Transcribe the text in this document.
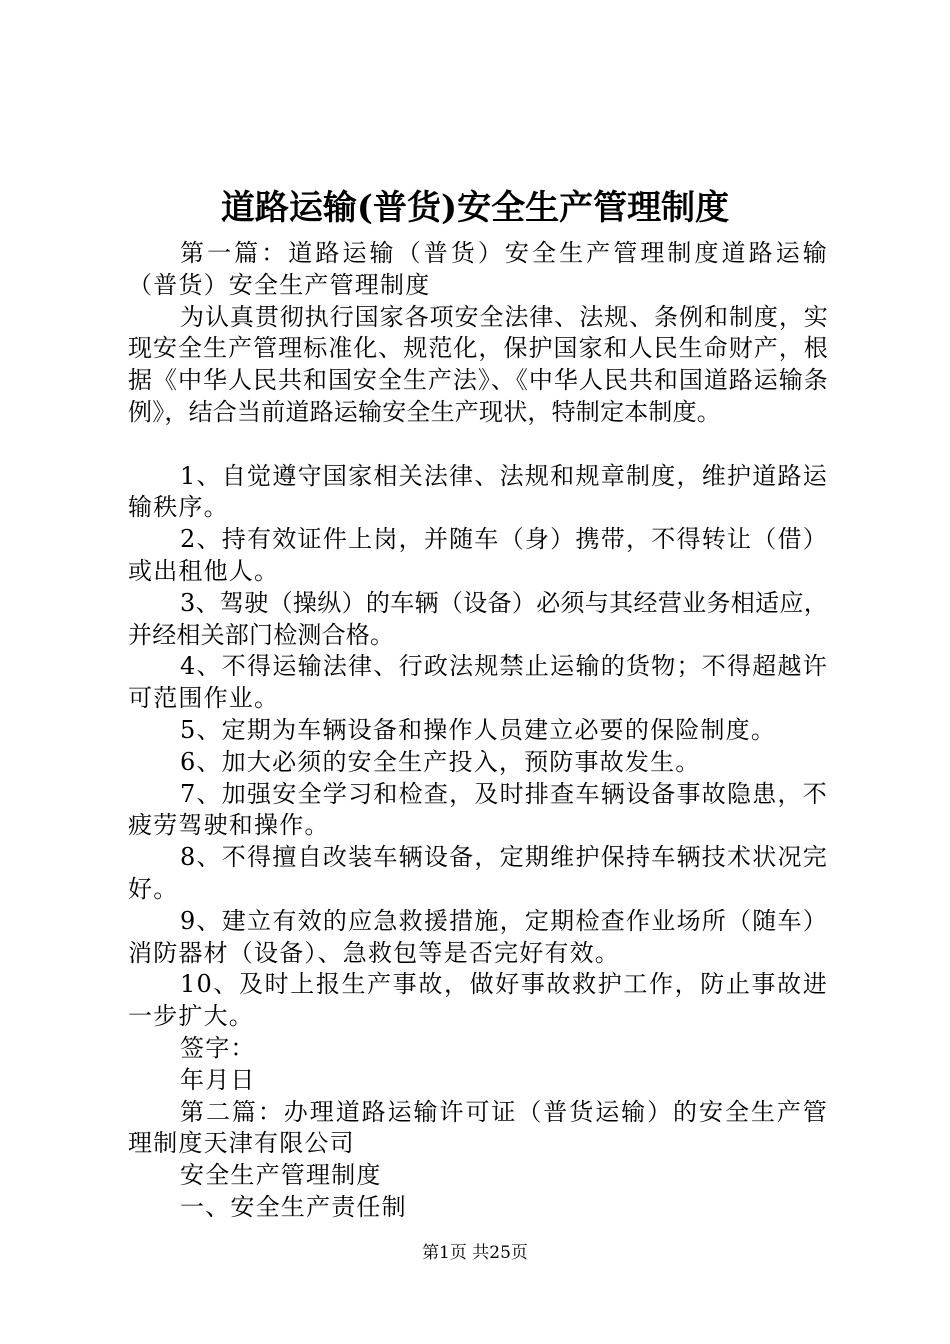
道路运输(普货)安全生产管理制度

第一篇：道路运输（普货）安全生产管理制度道路运输（普货）安全生产管理制度

为认真贯彻执行国家各项安全法律、法规、条例和制度，实现安全生产管理标准化、规范化，保护国家和人民生命财产，根据《中华人民共和国安全生产法》、《中华人民共和国道路运输条例》，结合当前道路运输安全生产现状，特制定本制度。

1、自觉遵守国家相关法律、法规和规章制度，维护道路运输秩序。

2、持有效证件上岗，并随车（身）携带，不得转让（借）或出租他人。

3、驾驶（操纵）的车辆（设备）必须与其经营业务相适应，并经相关部门检测合格。

4、不得运输法律、行政法规禁止运输的货物；不得超越许可范围作业。

5、定期为车辆设备和操作人员建立必要的保险制度。

6、加大必须的安全生产投入，预防事故发生。

7、加强安全学习和检查，及时排查车辆设备事故隐患，不疲劳驾驶和操作。

8、不得擅自改装车辆设备，定期维护保持车辆技术状况完好。

9、建立有效的应急救援措施，定期检查作业场所（随车）消防器材（设备）、急救包等是否完好有效。

10、及时上报生产事故，做好事故救护工作，防止事故进一步扩大。

签字：

年月日

第二篇：办理道路运输许可证（普货运输）的安全生产管理制度天津有限公司

安全生产管理制度

一、安全生产责任制

第1页 共25页
